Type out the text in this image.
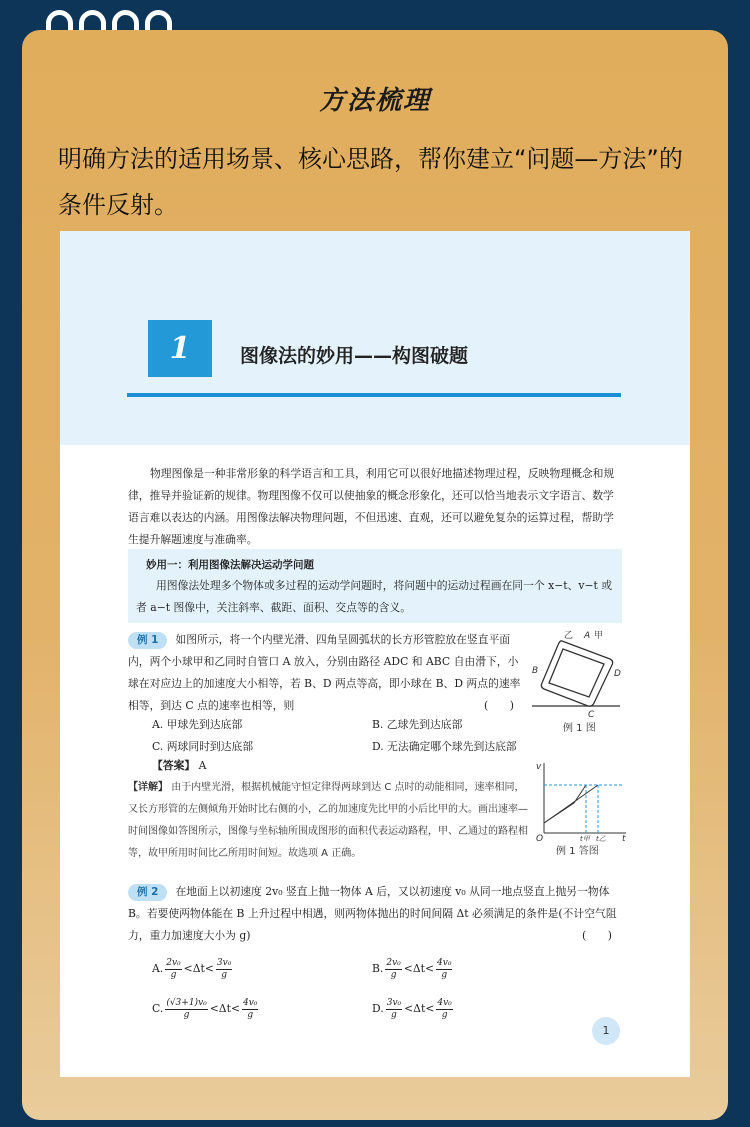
方法梳理
明确方法的适用场景、核心思路，帮你建立“问题—方法”的条件反射。
1	图像法的妙用——构图破题
物理图像是一种非常形象的科学语言和工具，利用它可以很好地描述物理过程，反映物理概念和规律，推导并验证新的规律。物理图像不仅可以使抽象的概念形象化，还可以恰当地表示文字语言、数学语言难以表达的内涵。用图像法解决物理问题，不但迅速、直观，还可以避免复杂的运算过程，帮助学生提升解题速度与准确率。
妙用一：利用图像法解决运动学问题
用图像法处理多个物体或多过程的运动学问题时，将问题中的运动过程画在同一个 x−t、v−t 或者 a−t 图像中，关注斜率、截距、面积、交点等的含义。
例 1 如图所示，将一个内壁光滑、四角呈圆弧状的长方形管腔放在竖直平面内，两个小球甲和乙同时自管口 A 放入，分别由路径 ADC 和 ABC 自由滑下，小球在对应边上的加速度大小相等，若 B、D 两点等高，即小球在 B、D 两点的速率相等，到达 C 点的速率也相等，则	(　　)
乙 A 甲
B	D
C
例 1 图
A. 甲球先到达底部	B. 乙球先到达底部
C. 两球同时到达底部	D. 无法确定哪个球先到达底部
【答案】 A
【详解】 由于内壁光滑，根据机械能守恒定律得两球到达 C 点时的动能相同，速率相同，又长方形管的左侧倾角开始时比右侧的小，乙的加速度先比甲的小后比甲的大。画出速率—时间图像如答图所示，图像与坐标轴所围成图形的面积代表运动路程，甲、乙通过的路程相等，故甲所用时间比乙所用时间短。故选项 A 正确。
v
t
O	t甲 t乙
例 1 答图
例 2 在地面上以初速度 2v₀ 竖直上抛一物体 A 后，又以初速度 v₀ 从同一地点竖直上抛另一物体 B。若要使两物体能在 B 上升过程中相遇，则两物体抛出的时间间隔 Δt 必须满足的条件是(不计空气阻力，重力加速度大小为 g)	(　　)
A. $\frac{\text{2v₀}}{g} <\Delta t< \frac{\text{3v₀}}{g}$	B. $\frac{\text{2v₀}}{g} <\Delta t< \frac{\text{4v₀}}{g}$
C. $\frac{\text{(√3+1)v₀}}{g} <\Delta t< \frac{\text{4v₀}}{g}$	D. $\frac{\text{3v₀}}{g} <\Delta t< \frac{\text{4v₀}}{g}$
1
